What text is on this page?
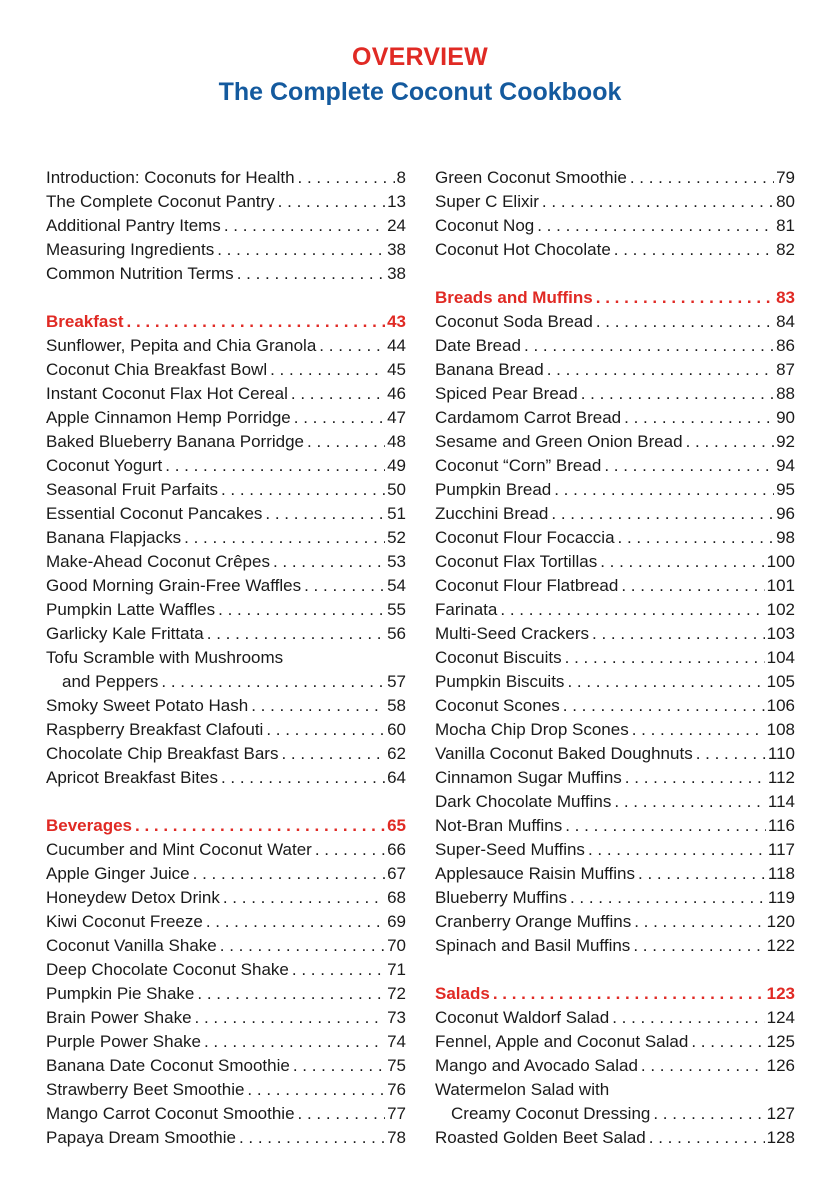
OVERVIEW
The Complete Coconut Cookbook
Introduction: Coconuts for Health . . .	8
The Complete Coconut Pantry . . .	13
Additional Pantry Items . . .	24
Measuring Ingredients . . .	38
Common Nutrition Terms . . .	38
Breakfast . . .	43
Sunflower, Pepita and Chia Granola . . .	44
Coconut Chia Breakfast Bowl . . .	45
Instant Coconut Flax Hot Cereal . . .	46
Apple Cinnamon Hemp Porridge . . .	47
Baked Blueberry Banana Porridge . . .	48
Coconut Yogurt . . .	49
Seasonal Fruit Parfaits . . .	50
Essential Coconut Pancakes . . .	51
Banana Flapjacks . . .	52
Make-Ahead Coconut Crêpes . . .	53
Good Morning Grain-Free Waffles . . .	54
Pumpkin Latte Waffles . . .	55
Garlicky Kale Frittata . . .	56
Tofu Scramble with Mushrooms
and Peppers . . .	57
Smoky Sweet Potato Hash . . .	58
Raspberry Breakfast Clafouti . . .	60
Chocolate Chip Breakfast Bars . . .	62
Apricot Breakfast Bites . . .	64
Beverages . . .	65
Cucumber and Mint Coconut Water . . .	66
Apple Ginger Juice . . .	67
Honeydew Detox Drink . . .	68
Kiwi Coconut Freeze . . .	69
Coconut Vanilla Shake . . .	70
Deep Chocolate Coconut Shake . . .	71
Pumpkin Pie Shake . . .	72
Brain Power Shake . . .	73
Purple Power Shake . . .	74
Banana Date Coconut Smoothie . . .	75
Strawberry Beet Smoothie . . .	76
Mango Carrot Coconut Smoothie . . .	77
Papaya Dream Smoothie . . .	78
Green Coconut Smoothie . . .	79
Super C Elixir . . .	80
Coconut Nog . . .	81
Coconut Hot Chocolate . . .	82
Breads and Muffins . . .	83
Coconut Soda Bread . . .	84
Date Bread . . .	86
Banana Bread . . .	87
Spiced Pear Bread . . .	88
Cardamom Carrot Bread . . .	90
Sesame and Green Onion Bread . . .	92
Coconut “Corn” Bread . . .	94
Pumpkin Bread . . .	95
Zucchini Bread . . .	96
Coconut Flour Focaccia . . .	98
Coconut Flax Tortillas . . .	100
Coconut Flour Flatbread . . .	101
Farinata . . .	102
Multi-Seed Crackers . . .	103
Coconut Biscuits . . .	104
Pumpkin Biscuits . . .	105
Coconut Scones . . .	106
Mocha Chip Drop Scones . . .	108
Vanilla Coconut Baked Doughnuts . . .	110
Cinnamon Sugar Muffins . . .	112
Dark Chocolate Muffins . . .	114
Not-Bran Muffins . . .	116
Super-Seed Muffins . . .	117
Applesauce Raisin Muffins . . .	118
Blueberry Muffins . . .	119
Cranberry Orange Muffins . . .	120
Spinach and Basil Muffins . . .	122
Salads . . .	123
Coconut Waldorf Salad . . .	124
Fennel, Apple and Coconut Salad . . .	125
Mango and Avocado Salad . . .	126
Watermelon Salad with
Creamy Coconut Dressing . . .	127
Roasted Golden Beet Salad . . .	128
